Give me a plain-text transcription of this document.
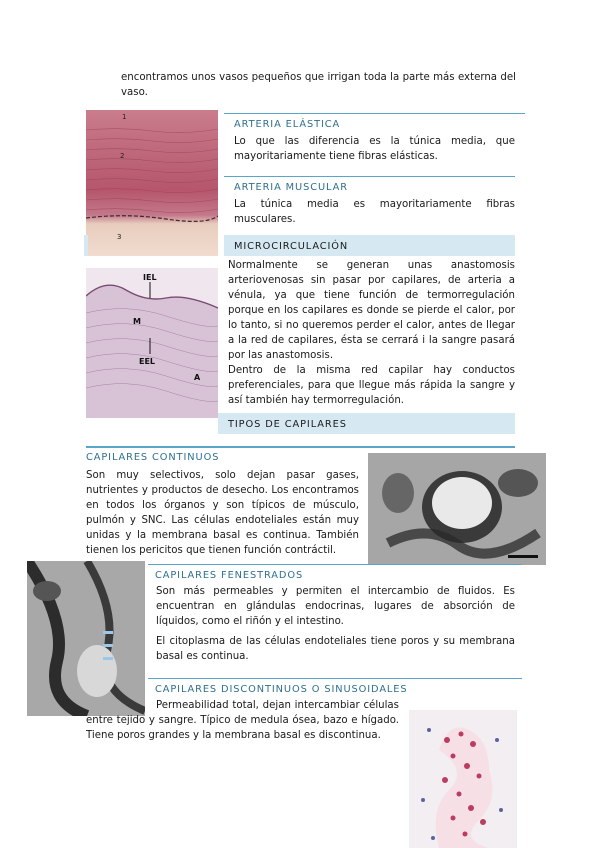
encontramos unos vasos pequeños que irrigan toda la parte más externa del vaso.
1
2
3
IEL
M
EEL
A
ARTERIA ELÁSTICA
Lo que las diferencia es la túnica media, que mayoritariamente tiene fibras elásticas.
ARTERIA MUSCULAR
La túnica media es mayoritariamente fibras musculares.
MICROCIRCULACIÓN
Normalmente se generan unas anastomosis arteriovenosas sin pasar por capilares, de arteria a vénula, ya que tiene función de termorregulación porque en los capilares es donde se pierde el calor, por lo tanto, si no queremos perder el calor, antes de llegar a la red de capilares, ésta se cerrará i la sangre pasará por las anastomosis.
Dentro de la misma red capilar hay conductos preferenciales, para que llegue más rápida la sangre y así también hay termorregulación.
TIPOS DE CAPILARES
CAPILARES CONTINUOS
Son muy selectivos, solo dejan pasar gases, nutrientes y productos de desecho. Los encontramos en todos los órganos y son típicos de músculo, pulmón y SNC. Las células endoteliales están muy unidas y la membrana basal es continua. También tienen los pericitos que tienen función contráctil.
CAPILARES FENESTRADOS
Son más permeables y permiten el intercambio de fluidos. Es encuentran en glándulas endocrinas, lugares de absorción de líquidos, como el riñón y el intestino.
El citoplasma de las células endoteliales tiene poros y su membrana basal es continua.
CAPILARES DISCONTINUOS O SINUSOIDALES
Permeabilidad total, dejan intercambiar células entre tejido y sangre. Típico de medula ósea, bazo e hígado. Tiene poros grandes y la membrana basal es discontinua.
